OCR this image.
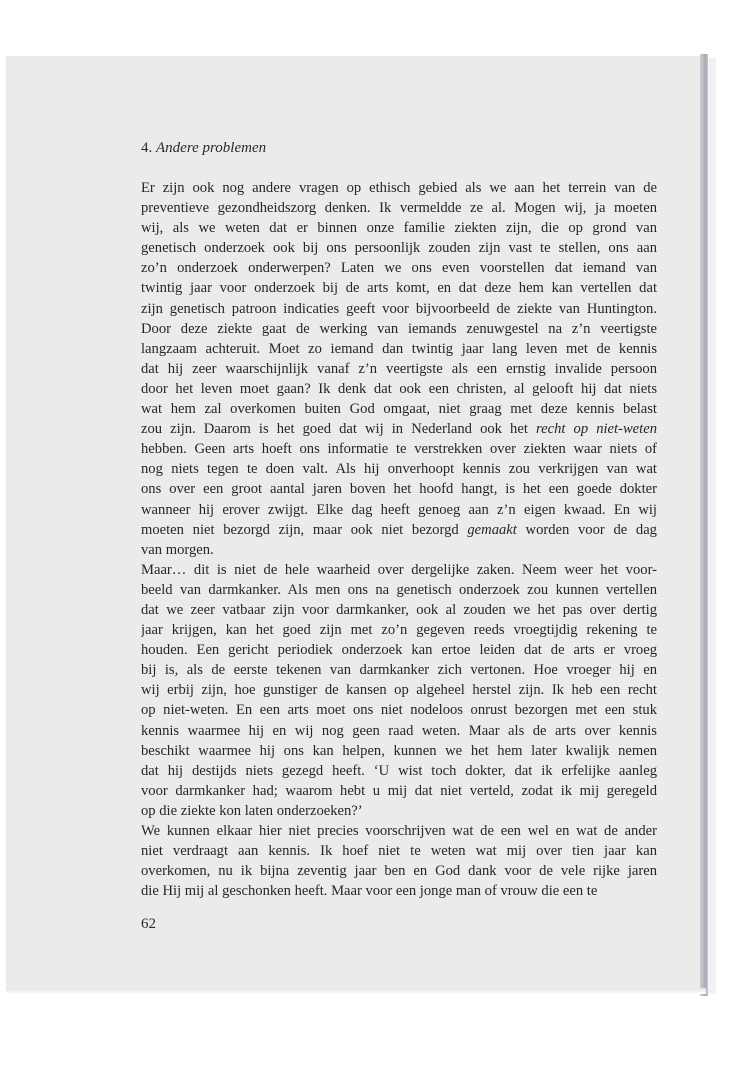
4. Andere problemen
Er zijn ook nog andere vragen op ethisch gebied als we aan het terrein van de
preventieve gezondheidszorg denken. Ik vermeldde ze al. Mogen wij, ja moeten
wij, als we weten dat er binnen onze familie ziekten zijn, die op grond van
genetisch onderzoek ook bij ons persoonlijk zouden zijn vast te stellen, ons aan
zo’n onderzoek onderwerpen? Laten we ons even voorstellen dat iemand van
twintig jaar voor onderzoek bij de arts komt, en dat deze hem kan vertellen dat
zijn genetisch patroon indicaties geeft voor bijvoorbeeld de ziekte van Huntington.
Door deze ziekte gaat de werking van iemands zenuwgestel na z’n veertigste
langzaam achteruit. Moet zo iemand dan twintig jaar lang leven met de kennis
dat hij zeer waarschijnlijk vanaf z’n veertigste als een ernstig invalide persoon
door het leven moet gaan? Ik denk dat ook een christen, al gelooft hij dat niets
wat hem zal overkomen buiten God omgaat, niet graag met deze kennis belast
zou zijn. Daarom is het goed dat wij in Nederland ook het recht op niet-weten
hebben. Geen arts hoeft ons informatie te verstrekken over ziekten waar niets of
nog niets tegen te doen valt. Als hij onverhoopt kennis zou verkrijgen van wat
ons over een groot aantal jaren boven het hoofd hangt, is het een goede dokter
wanneer hij erover zwijgt. Elke dag heeft genoeg aan z’n eigen kwaad. En wij
moeten niet bezorgd zijn, maar ook niet bezorgd gemaakt worden voor de dag
van morgen.
Maar… dit is niet de hele waarheid over dergelijke zaken. Neem weer het voor-
beeld van darmkanker. Als men ons na genetisch onderzoek zou kunnen vertellen
dat we zeer vatbaar zijn voor darmkanker, ook al zouden we het pas over dertig
jaar krijgen, kan het goed zijn met zo’n gegeven reeds vroegtijdig rekening te
houden. Een gericht periodiek onderzoek kan ertoe leiden dat de arts er vroeg
bij is, als de eerste tekenen van darmkanker zich vertonen. Hoe vroeger hij en
wij erbij zijn, hoe gunstiger de kansen op algeheel herstel zijn. Ik heb een recht
op niet-weten. En een arts moet ons niet nodeloos onrust bezorgen met een stuk
kennis waarmee hij en wij nog geen raad weten. Maar als de arts over kennis
beschikt waarmee hij ons kan helpen, kunnen we het hem later kwalijk nemen
dat hij destijds niets gezegd heeft. ‘U wist toch dokter, dat ik erfelijke aanleg
voor darmkanker had; waarom hebt u mij dat niet verteld, zodat ik mij geregeld
op die ziekte kon laten onderzoeken?’
We kunnen elkaar hier niet precies voorschrijven wat de een wel en wat de ander
niet verdraagt aan kennis. Ik hoef niet te weten wat mij over tien jaar kan
overkomen, nu ik bijna zeventig jaar ben en God dank voor de vele rijke jaren
die Hij mij al geschonken heeft. Maar voor een jonge man of vrouw die een te
62
